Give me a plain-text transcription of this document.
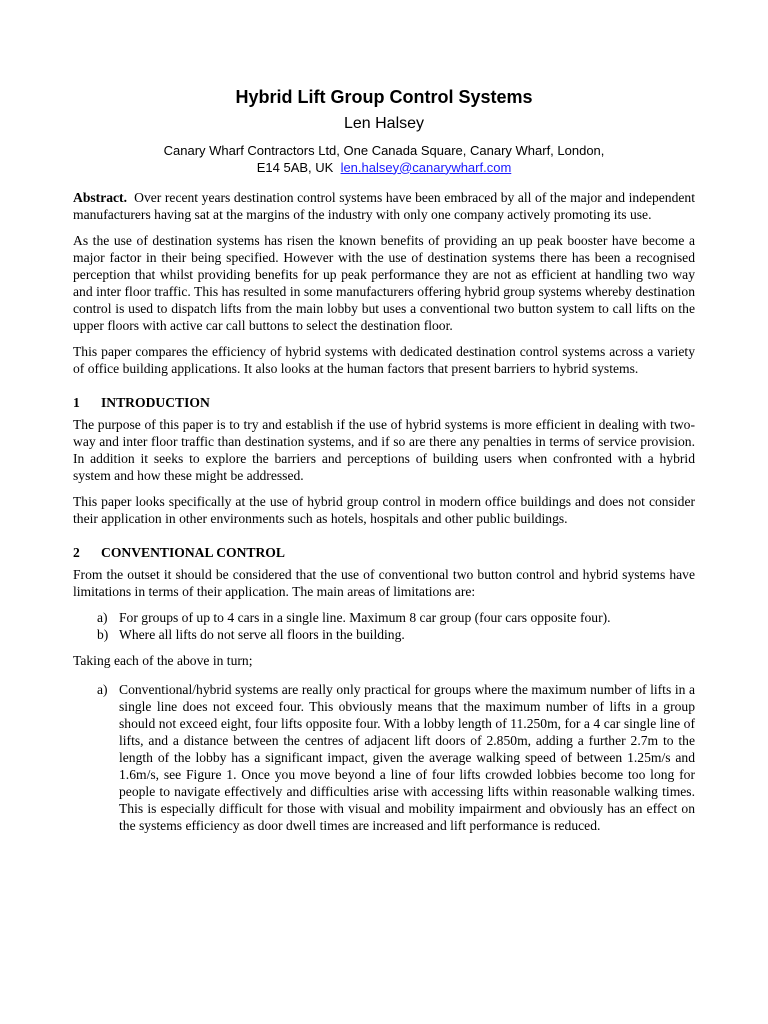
Hybrid Lift Group Control Systems
Len Halsey
Canary Wharf Contractors Ltd, One Canada Square, Canary Wharf, London,
E14 5AB, UK len.halsey@canarywharf.com

Abstract. Over recent years destination control systems have been embraced by all of the major and independent manufacturers having sat at the margins of the industry with only one company actively promoting its use.

As the use of destination systems has risen the known benefits of providing an up peak booster have become a major factor in their being specified. However with the use of destination systems there has been a recognised perception that whilst providing benefits for up peak performance they are not as efficient at handling two way and inter floor traffic. This has resulted in some manufacturers offering hybrid group systems whereby destination control is used to dispatch lifts from the main lobby but uses a conventional two button system to call lifts on the upper floors with active car call buttons to select the destination floor.

This paper compares the efficiency of hybrid systems with dedicated destination control systems across a variety of office building applications. It also looks at the human factors that present barriers to hybrid systems.

1 INTRODUCTION

The purpose of this paper is to try and establish if the use of hybrid systems is more efficient in dealing with two-way and inter floor traffic than destination systems, and if so are there any penalties in terms of service provision. In addition it seeks to explore the barriers and perceptions of building users when confronted with a hybrid system and how these might be addressed.

This paper looks specifically at the use of hybrid group control in modern office buildings and does not consider their application in other environments such as hotels, hospitals and other public buildings.

2 CONVENTIONAL CONTROL

From the outset it should be considered that the use of conventional two button control and hybrid systems have limitations in terms of their application. The main areas of limitations are:

a) For groups of up to 4 cars in a single line. Maximum 8 car group (four cars opposite four).
b) Where all lifts do not serve all floors in the building.

Taking each of the above in turn;

a) Conventional/hybrid systems are really only practical for groups where the maximum number of lifts in a single line does not exceed four. This obviously means that the maximum number of lifts in a group should not exceed eight, four lifts opposite four. With a lobby length of 11.250m, for a 4 car single line of lifts, and a distance between the centres of adjacent lift doors of 2.850m, adding a further 2.7m to the length of the lobby has a significant impact, given the average walking speed of between 1.25m/s and 1.6m/s, see Figure 1. Once you move beyond a line of four lifts crowded lobbies become too long for people to navigate effectively and difficulties arise with accessing lifts within reasonable walking times. This is especially difficult for those with visual and mobility impairment and obviously has an effect on the systems efficiency as door dwell times are increased and lift performance is reduced.
